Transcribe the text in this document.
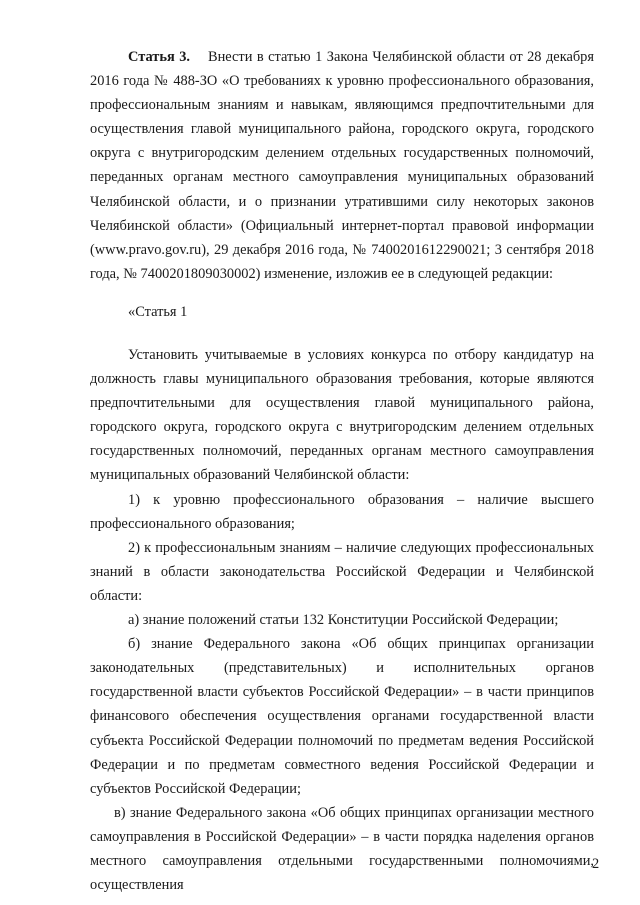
Статья 3. Внести в статью 1 Закона Челябинской области от 28 декабря 2016 года № 488-ЗО «О требованиях к уровню профессионального образования, профессиональным знаниям и навыкам, являющимся предпочтительными для осуществления главой муниципального района, городского округа, городского округа с внутригородским делением отдельных государственных полномочий, переданных органам местного самоуправления муниципальных образований Челябинской области, и о признании утратившими силу некоторых законов Челябинской области» (Официальный интернет-портал правовой информации (www.pravo.gov.ru), 29 декабря 2016 года, № 7400201612290021; 3 сентября 2018 года, № 7400201809030002) изменение, изложив ее в следующей редакции:

«Статья 1

Установить учитываемые в условиях конкурса по отбору кандидатур на должность главы муниципального образования требования, которые являются предпочтительными для осуществления главой муниципального района, городского округа, городского округа с внутригородским делением отдельных государственных полномочий, переданных органам местного самоуправления муниципальных образований Челябинской области:

1) к уровню профессионального образования – наличие высшего профессионального образования;

2) к профессиональным знаниям – наличие следующих профессиональных знаний в области законодательства Российской Федерации и Челябинской области:

а) знание положений статьи 132 Конституции Российской Федерации;

б) знание Федерального закона «Об общих принципах организации законодательных (представительных) и исполнительных органов государственной власти субъектов Российской Федерации» – в части принципов финансового обеспечения осуществления органами государственной власти субъекта Российской Федерации полномочий по предметам ведения Российской Федерации и по предметам совместного ведения Российской Федерации и субъектов Российской Федерации;

в) знание Федерального закона «Об общих принципах организации местного самоуправления в Российской Федерации» – в части порядка наделения органов местного самоуправления отдельными государственными полномочиями, осуществления

2
